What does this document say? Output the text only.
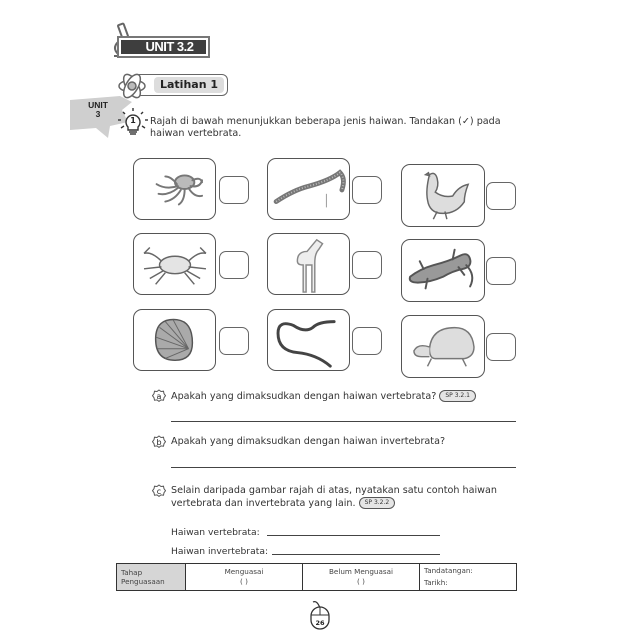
UNIT 3.2
Latihan 1
UNIT
3
1 Rajah di bawah menunjukkan beberapa jenis haiwan. Tandakan (✓) pada haiwan vertebrata.
a Apakah yang dimaksudkan dengan haiwan vertebrata? SP 3.2.1
b Apakah yang dimaksudkan dengan haiwan invertebrata?
c Selain daripada gambar rajah di atas, nyatakan satu contoh haiwan
vertebrata dan invertebrata yang lain. SP 3.2.2
Haiwan vertebrata:
Haiwan invertebrata:
Tahap
Penguasaan

Menguasai
( )

Belum Menguasai
( )

Tandatangan:
Tarikh:
26
